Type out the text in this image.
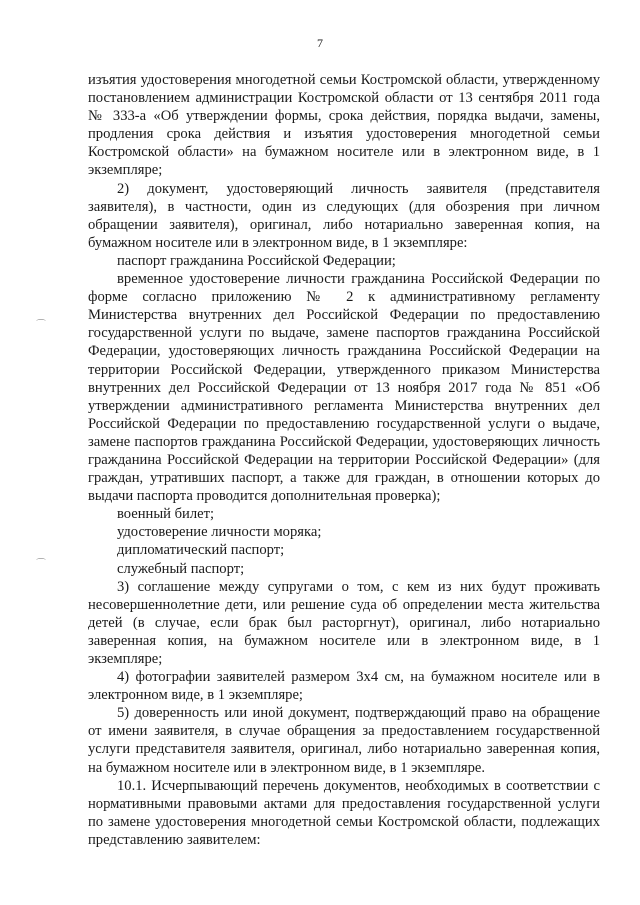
7
⌒
⌒

изъятия удостоверения многодетной семьи Костромской области, утвержденному постановлением администрации Костромской области от 13 сентября 2011 года № 333-а «Об утверждении формы, срока действия, порядка выдачи, замены, продления срока действия и изъятия удостоверения многодетной семьи Костромской области» на бумажном носителе или в электронном виде, в 1 экземпляре;

2) документ, удостоверяющий личность заявителя (представителя заявителя), в частности, один из следующих (для обозрения при личном обращении заявителя), оригинал, либо нотариально заверенная копия, на бумажном носителе или в электронном виде, в 1 экземпляре:

паспорт гражданина Российской Федерации;

временное удостоверение личности гражданина Российской Федерации по форме согласно приложению № 2 к административному регламенту Министерства внутренних дел Российской Федерации по предоставлению государственной услуги по выдаче, замене паспортов гражданина Российской Федерации, удостоверяющих личность гражданина Российской Федерации на территории Российской Федерации, утвержденного приказом Министерства внутренних дел Российской Федерации от 13 ноября 2017 года № 851 «Об утверждении административного регламента Министерства внутренних дел Российской Федерации по предоставлению государственной услуги о выдаче, замене паспортов гражданина Российской Федерации, удостоверяющих личность гражданина Российской Федерации на территории Российской Федерации» (для граждан, утративших паспорт, а также для граждан, в отношении которых до выдачи паспорта проводится дополнительная проверка);

военный билет;

удостоверение личности моряка;

дипломатический паспорт;

служебный паспорт;

3) соглашение между супругами о том, с кем из них будут проживать несовершеннолетние дети, или решение суда об определении места жительства детей (в случае, если брак был расторгнут), оригинал, либо нотариально заверенная копия, на бумажном носителе или в электронном виде, в 1 экземпляре;

4) фотографии заявителей размером 3х4 см, на бумажном носителе или в электронном виде, в 1 экземпляре;

5) доверенность или иной документ, подтверждающий право на обращение от имени заявителя, в случае обращения за предоставлением государственной услуги представителя заявителя, оригинал, либо нотариально заверенная копия, на бумажном носителе или в электронном виде, в 1 экземпляре.

10.1. Исчерпывающий перечень документов, необходимых в соответствии с нормативными правовыми актами для предоставления государственной услуги по замене удостоверения многодетной семьи Костромской области, подлежащих представлению заявителем:
